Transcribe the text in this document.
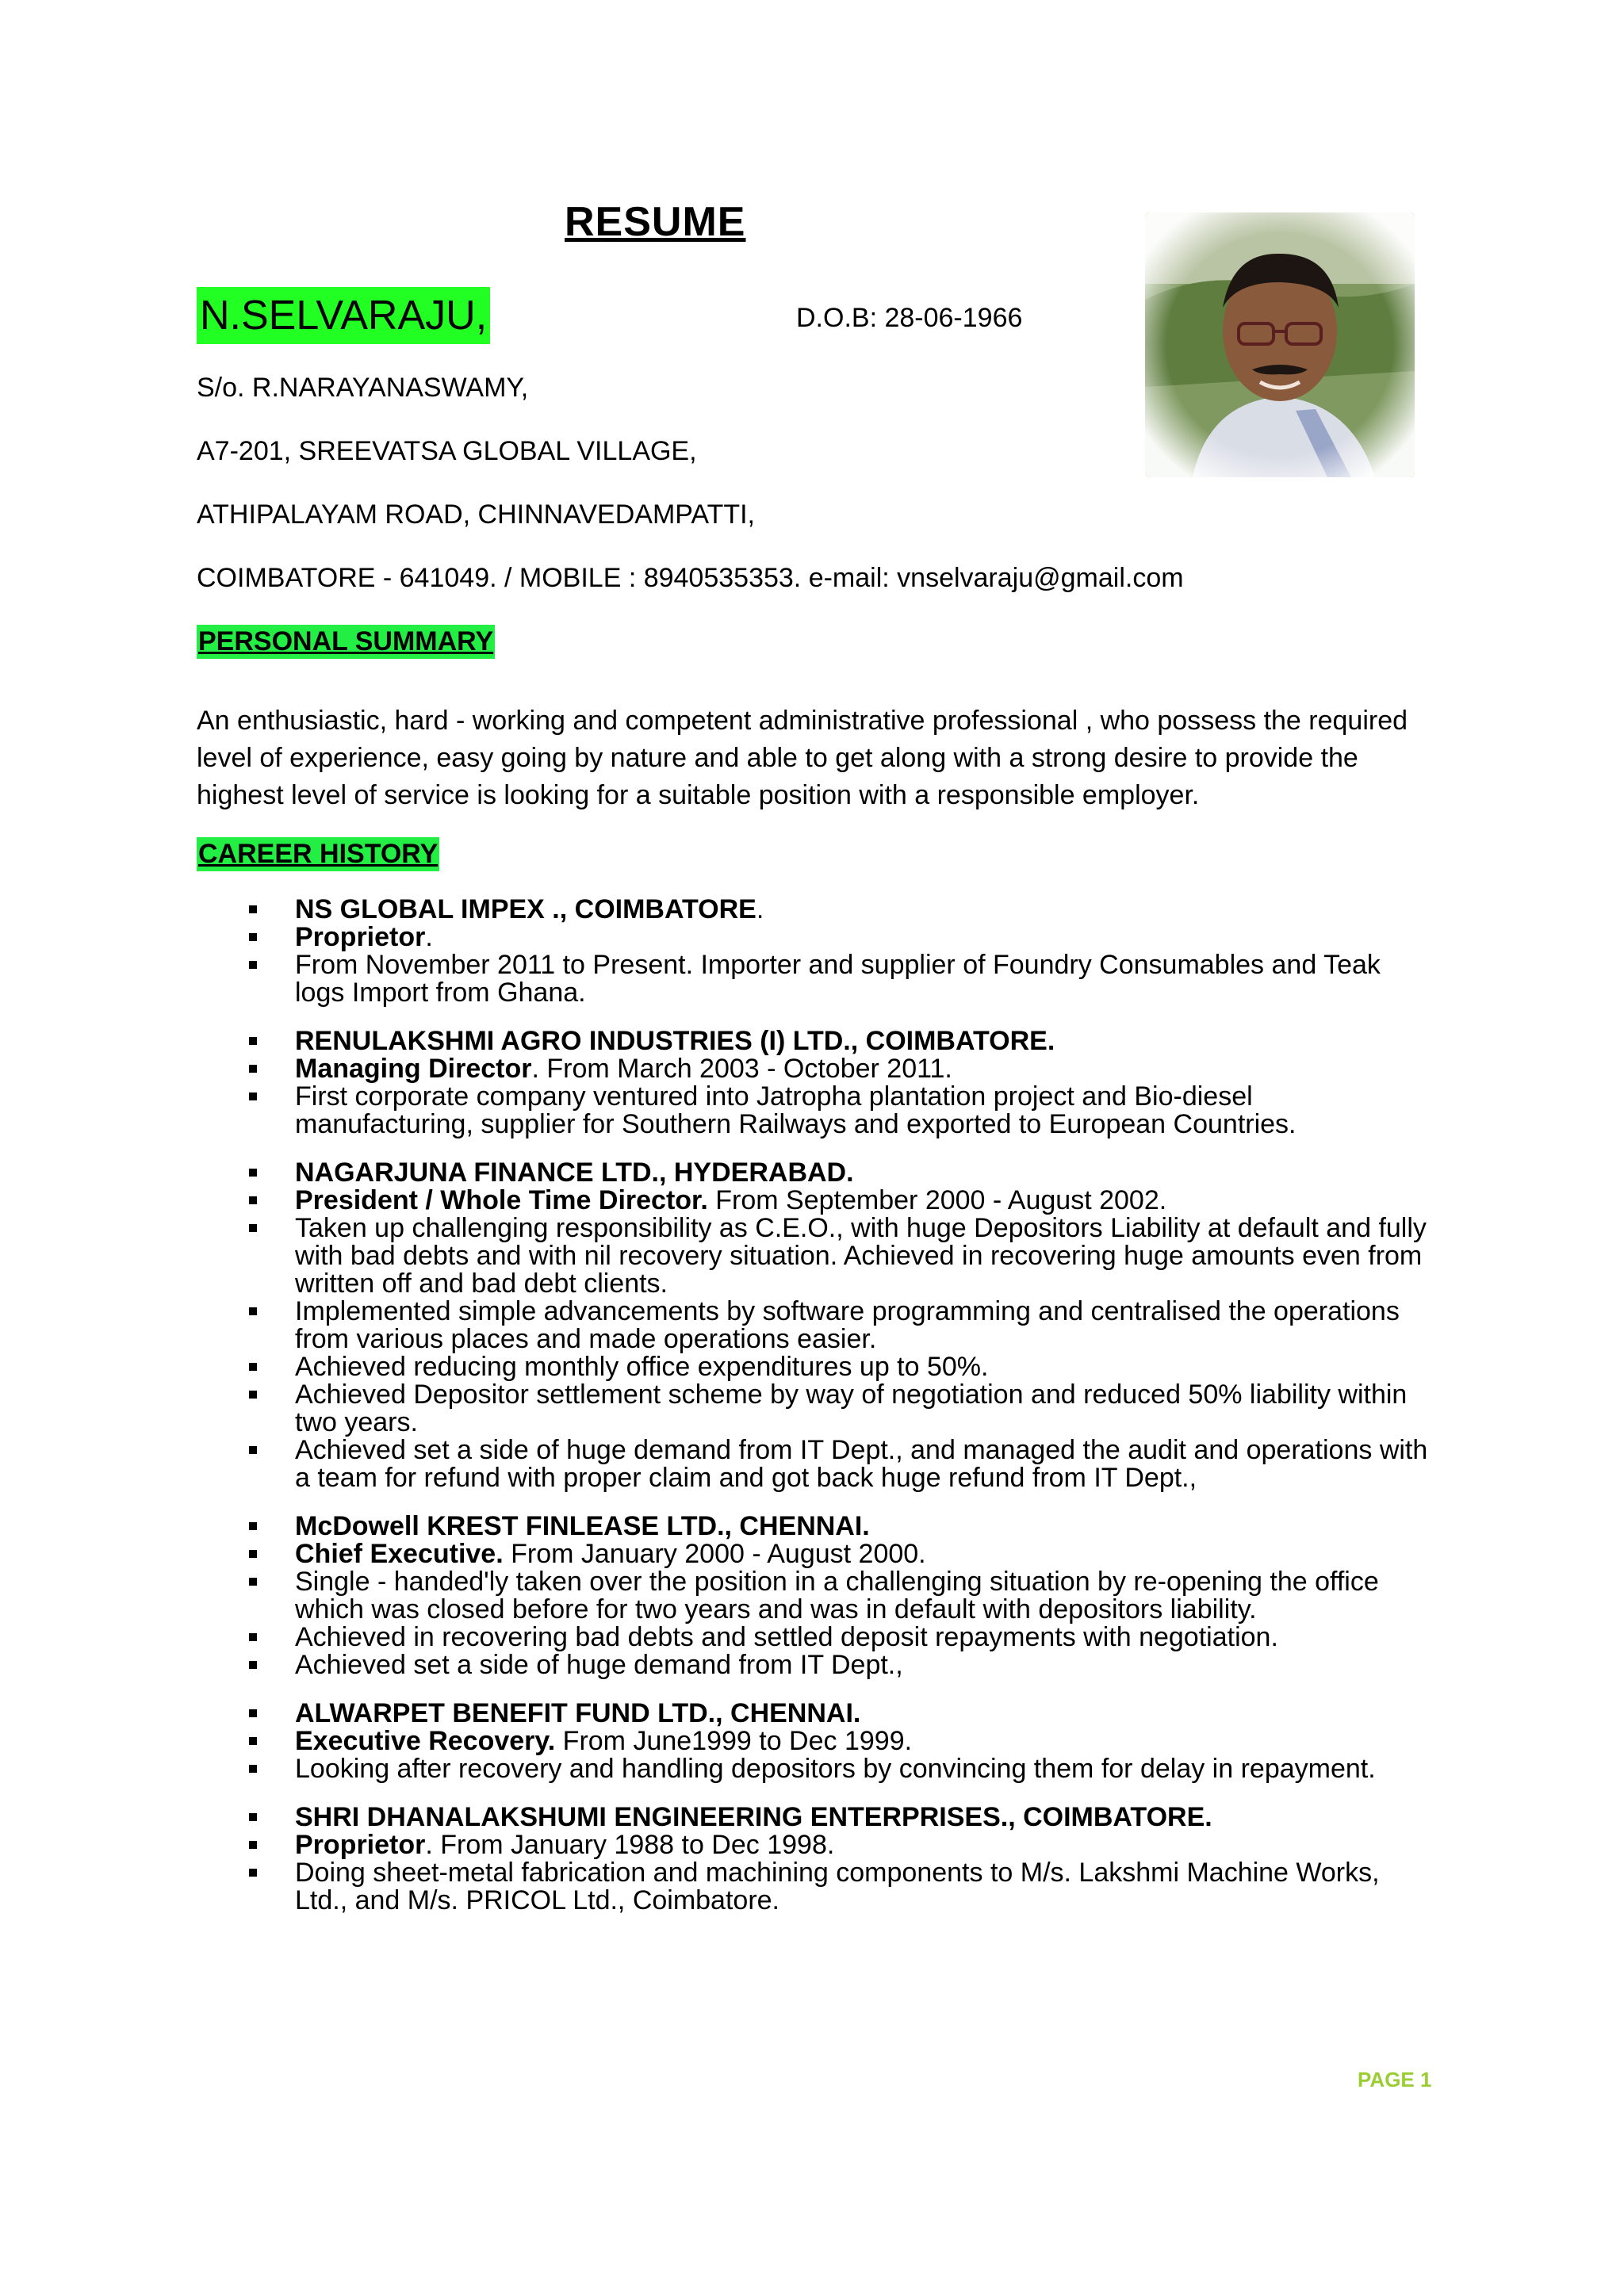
RESUME
N.SELVARAJU,	D.O.B: 28-06-1966
S/o. R.NARAYANASWAMY,
A7-201, SREEVATSA GLOBAL VILLAGE,
ATHIPALAYAM ROAD, CHINNAVEDAMPATTI,
COIMBATORE - 641049. / MOBILE : 8940535353. e-mail: vnselvaraju@gmail.com
PERSONAL SUMMARY
An enthusiastic, hard - working and competent administrative professional , who possess the required level of experience, easy going by nature and able to get along with a strong desire to provide the highest level of service is looking for a suitable position with a responsible employer.
CAREER HISTORY
NS GLOBAL IMPEX ., COIMBATORE.
Proprietor.
From November 2011 to Present. Importer and supplier of Foundry Consumables and Teak logs Import from Ghana.
RENULAKSHMI AGRO INDUSTRIES (I) LTD., COIMBATORE.
Managing Director. From March 2003 - October 2011.
First corporate company ventured into Jatropha plantation project and Bio-diesel manufacturing, supplier for Southern Railways and exported to European Countries.
NAGARJUNA FINANCE LTD., HYDERABAD.
President / Whole Time Director. From September 2000 - August 2002.
Taken up challenging responsibility as C.E.O., with huge Depositors Liability at default and fully with bad debts and with nil recovery situation. Achieved in recovering huge amounts even from written off and bad debt clients.
Implemented simple advancements by software programming and centralised the operations from various places and made operations easier.
Achieved reducing monthly office expenditures up to 50%.
Achieved Depositor settlement scheme by way of negotiation and reduced 50% liability within two years.
Achieved set a side of huge demand from IT Dept., and managed the audit and operations with a team for refund with proper claim and got back huge refund from IT Dept.,
McDowell KREST FINLEASE LTD., CHENNAI.
Chief Executive. From January 2000 - August 2000.
Single - handed'ly taken over the position in a challenging situation by re-opening the office which was closed before for two years and was in default with depositors liability.
Achieved in recovering bad debts and settled deposit repayments with negotiation.
Achieved set a side of huge demand from IT Dept.,
ALWARPET BENEFIT FUND LTD., CHENNAI.
Executive Recovery. From June1999 to Dec 1999.
Looking after recovery and handling depositors by convincing them for delay in repayment.
SHRI DHANALAKSHUMI ENGINEERING ENTERPRISES., COIMBATORE.
Proprietor. From January 1988 to Dec 1998.
Doing sheet-metal fabrication and machining components to M/s. Lakshmi Machine Works, Ltd., and M/s. PRICOL Ltd., Coimbatore.
PAGE 1
